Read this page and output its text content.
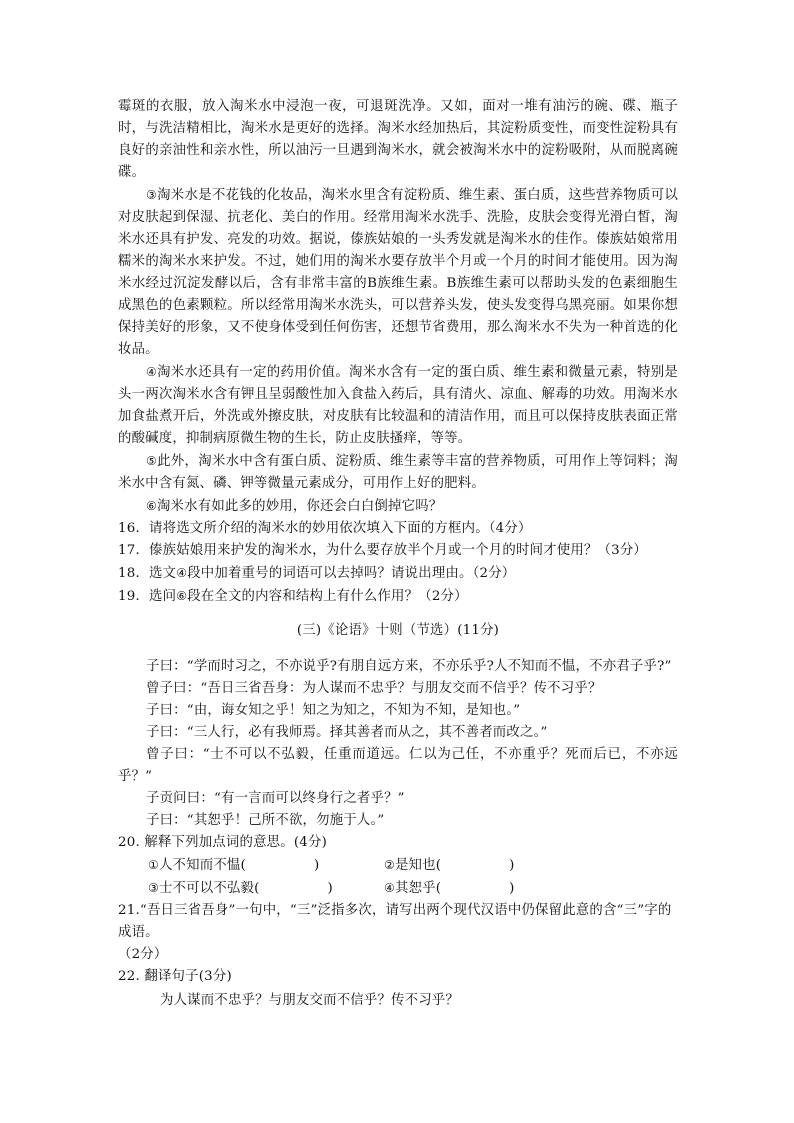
霉斑的衣服，放入淘米水中浸泡一夜，可退斑洗净。又如，面对一堆有油污的碗、碟、瓶子时，与洗洁精相比，淘米水是更好的选择。淘米水经加热后，其淀粉质变性，而变性淀粉具有良好的亲油性和亲水性，所以油污一旦遇到淘米水，就会被淘米水中的淀粉吸附，从而脱离碗碟。

③淘米水是不花钱的化妆品，淘米水里含有淀粉质、维生素、蛋白质，这些营养物质可以对皮肤起到保湿、抗老化、美白的作用。经常用淘米水洗手、洗脸，皮肤会变得光滑白皙，淘米水还具有护发、亮发的功效。据说，傣族姑娘的一头秀发就是淘米水的佳作。傣族姑娘常用糯米的淘米水来护发。不过，她们用的淘米水要存放半个月或一个月的时间才能使用。因为淘米水经过沉淀发酵以后，含有非常丰富的B族维生素。B族维生素可以帮助头发的色素细胞生成黑色的色素颗粒。所以经常用淘米水洗头，可以营养头发，使头发变得乌黑亮丽。如果你想保持美好的形象，又不使身体受到任何伤害，还想节省费用，那么淘米水不失为一种首选的化妆品。

④淘米水还具有一定的药用价值。淘米水含有一定的蛋白质、维生素和微量元素，特别是头一两次淘米水含有钾且呈弱酸性加入食盐入药后，具有清火、凉血、解毒的功效。用淘米水加食盐煮开后，外洗或外擦皮肤，对皮肤有比较温和的清洁作用，而且可以保持皮肤表面正常的酸碱度，抑制病原微生物的生长，防止皮肤搔痒，等等。

⑤此外，淘米水中含有蛋白质、淀粉质、维生素等丰富的营养物质，可用作上等饲料；淘米水中含有氮、磷、钾等微量元素成分，可用作上好的肥料。

⑥淘米水有如此多的妙用，你还会白白倒掉它吗？

16．请将选文所介绍的淘米水的妙用依次填入下面的方框内。（4分）

17．傣族姑娘用来护发的淘米水，为什么要存放半个月或一个月的时间才使用？（3分）

18．选文④段中加着重号的词语可以去掉吗？请说出理由。（2分）

19．选问⑥段在全文的内容和结构上有什么作用？（2分）

(三)《论语》十则（节选）(11分)

子曰：“学而时习之，不亦说乎?有朋自远方来，不亦乐乎?人不知而不愠，不亦君子乎?”

曾子曰：“吾日三省吾身：为人谋而不忠乎？与朋友交而不信乎？传不习乎？

子曰：“由，诲女知之乎！知之为知之，不知为不知，是知也。”

子曰：“三人行，必有我师焉。择其善者而从之，其不善者而改之。”

曾子曰：“士不可以不弘毅，任重而道远。仁以为己任，不亦重乎？死而后已，不亦远乎？”

子贡问曰：“有一言而可以终身行之者乎？”

子曰：“其恕乎！己所不欲，勿施于人。”

20. 解释下列加点词的意思。(4分)

①人不知而不愠(	)	②是知也(	)
③士不可以不弘毅(	)	④其恕乎(	)

21.“吾日三省吾身”一句中，“三”泛指多次，请写出两个现代汉语中仍保留此意的含“三”字的成语。

（2分）

22. 翻译句子(3分)

为人谋而不忠乎？与朋友交而不信乎？传不习乎？
